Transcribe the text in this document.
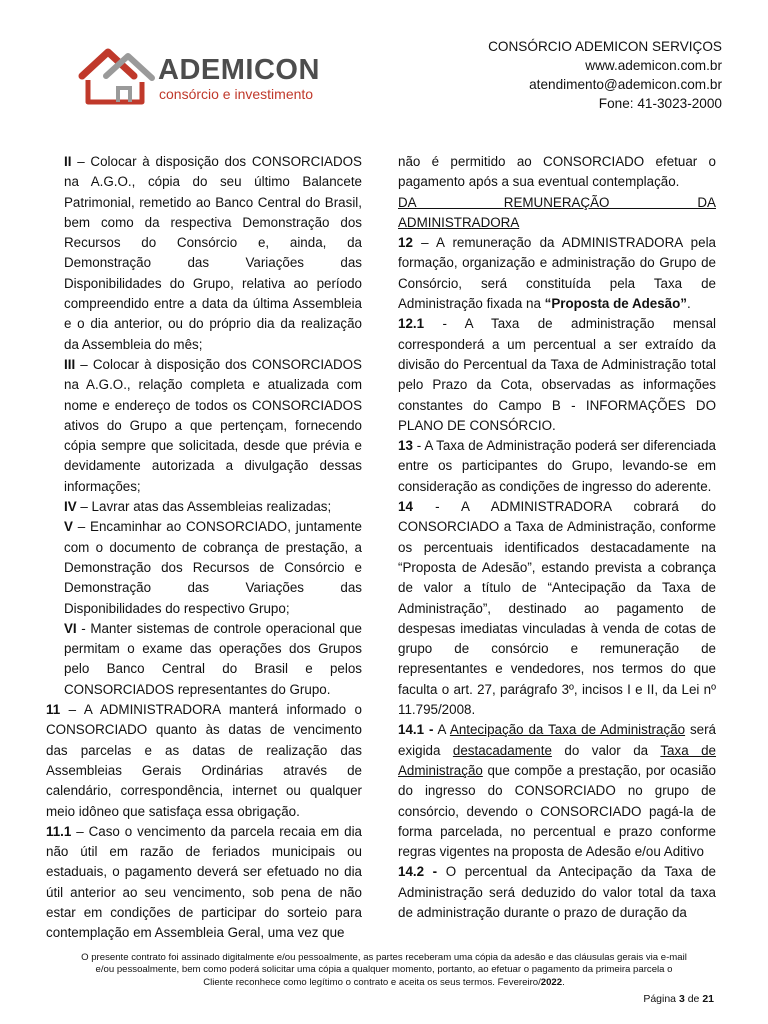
ADEMICON
consórcio e investimento
CONSÓRCIO ADEMICON SERVIÇOS
www.ademicon.com.br
atendimento@ademicon.com.br
Fone: 41-3023-2000

II – Colocar à disposição dos CONSORCIADOS na A.G.O., cópia do seu último Balancete Patrimonial, remetido ao Banco Central do Brasil, bem como da respectiva Demonstração dos Recursos do Consórcio e, ainda, da Demonstração das Variações das Disponibilidades do Grupo, relativa ao período compreendido entre a data da última Assembleia e o dia anterior, ou do próprio dia da realização da Assembleia do mês;

III – Colocar à disposição dos CONSORCIADOS na A.G.O., relação completa e atualizada com nome e endereço de todos os CONSORCIADOS ativos do Grupo a que pertençam, fornecendo cópia sempre que solicitada, desde que prévia e devidamente autorizada a divulgação dessas informações;

IV – Lavrar atas das Assembleias realizadas;

V – Encaminhar ao CONSORCIADO, juntamente com o documento de cobrança de prestação, a Demonstração dos Recursos de Consórcio e Demonstração das Variações das Disponibilidades do respectivo Grupo;

VI - Manter sistemas de controle operacional que permitam o exame das operações dos Grupos pelo Banco Central do Brasil e pelos CONSORCIADOS representantes do Grupo.

11 – A ADMINISTRADORA manterá informado o CONSORCIADO quanto às datas de vencimento das parcelas e as datas de realização das Assembleias Gerais Ordinárias através de calendário, correspondência, internet ou qualquer meio idôneo que satisfaça essa obrigação.

11.1 – Caso o vencimento da parcela recaia em dia não útil em razão de feriados municipais ou estaduais, o pagamento deverá ser efetuado no dia útil anterior ao seu vencimento, sob pena de não estar em condições de participar do sorteio para contemplação em Assembleia Geral, uma vez que

não é permitido ao CONSORCIADO efetuar o pagamento após a sua eventual contemplação.

DA REMUNERAÇÃO DA

ADMINISTRADORA

12 – A remuneração da ADMINISTRADORA pela formação, organização e administração do Grupo de Consórcio, será constituída pela Taxa de Administração fixada na “Proposta de Adesão”.

12.1 - A Taxa de administração mensal corresponderá a um percentual a ser extraído da divisão do Percentual da Taxa de Administração total pelo Prazo da Cota, observadas as informações constantes do Campo B - INFORMAÇÕES DO PLANO DE CONSÓRCIO.

13 - A Taxa de Administração poderá ser diferenciada entre os participantes do Grupo, levando-se em consideração as condições de ingresso do aderente.

14 - A ADMINISTRADORA cobrará do CONSORCIADO a Taxa de Administração, conforme os percentuais identificados destacadamente na “Proposta de Adesão”, estando prevista a cobrança de valor a título de “Antecipação da Taxa de Administração”, destinado ao pagamento de despesas imediatas vinculadas à venda de cotas de grupo de consórcio e remuneração de representantes e vendedores, nos termos do que faculta o art. 27, parágrafo 3º, incisos I e II, da Lei nº 11.795/2008.

14.1 - A Antecipação da Taxa de Administração será exigida destacadamente do valor da Taxa de Administração que compõe a prestação, por ocasião do ingresso do CONSORCIADO no grupo de consórcio, devendo o CONSORCIADO pagá-la de forma parcelada, no percentual e prazo conforme regras vigentes na proposta de Adesão e/ou Aditivo

14.2 - O percentual da Antecipação da Taxa de Administração será deduzido do valor total da taxa de administração durante o prazo de duração da

O presente contrato foi assinado digitalmente e/ou pessoalmente, as partes receberam uma cópia da adesão e das cláusulas gerais via e-mail
e/ou pessoalmente, bem como poderá solicitar uma cópia a qualquer momento, portanto, ao efetuar o pagamento da primeira parcela o
Cliente reconhece como legítimo o contrato e aceita os seus termos. Fevereiro/2022.
Página 3 de 21
